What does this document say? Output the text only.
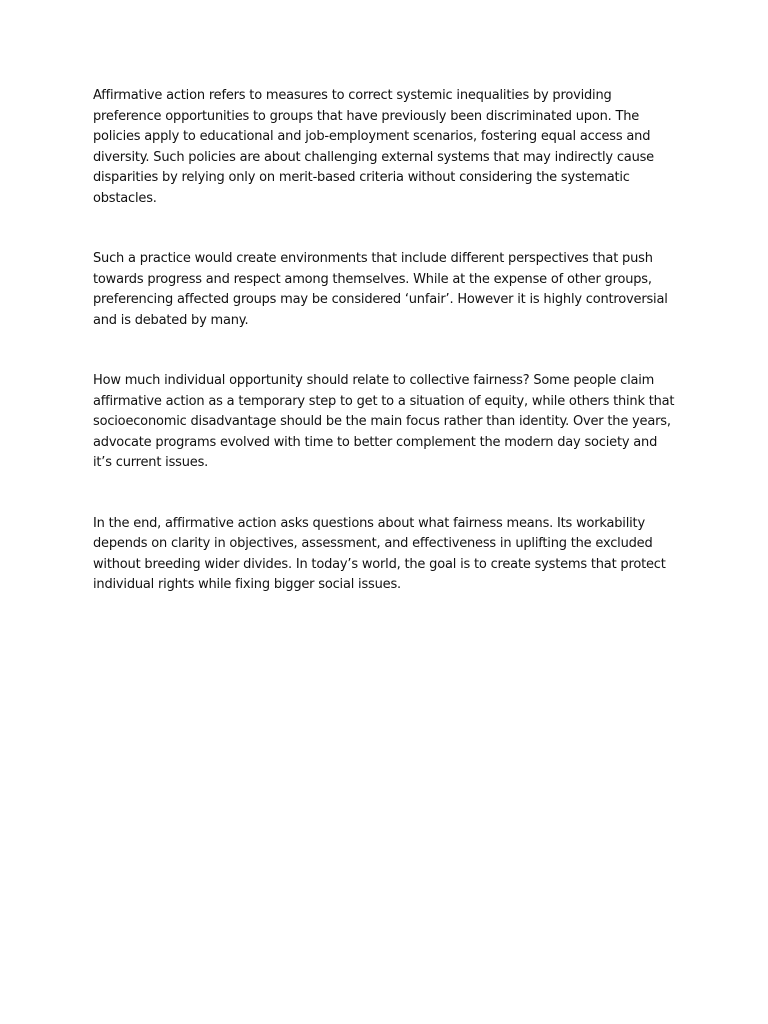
Affirmative action refers to measures to correct systemic inequalities by providing preference opportunities to groups that have previously been discriminated upon. The policies apply to educational and job-employment scenarios, fostering equal access and diversity. Such policies are about challenging external systems that may indirectly cause disparities by relying only on merit-based criteria without considering the systematic obstacles.

Such a practice would create environments that include different perspectives that push towards progress and respect among themselves. While at the expense of other groups, preferencing affected groups may be considered ‘unfair’. However it is highly controversial and is debated by many.

How much individual opportunity should relate to collective fairness? Some people claim affirmative action as a temporary step to get to a situation of equity, while others think that socioeconomic disadvantage should be the main focus rather than identity. Over the years, advocate programs evolved with time to better complement the modern day society and it’s current issues.

In the end, affirmative action asks questions about what fairness means. Its workability depends on clarity in objectives, assessment, and effectiveness in uplifting the excluded without breeding wider divides. In today’s world, the goal is to create systems that protect individual rights while fixing bigger social issues.
